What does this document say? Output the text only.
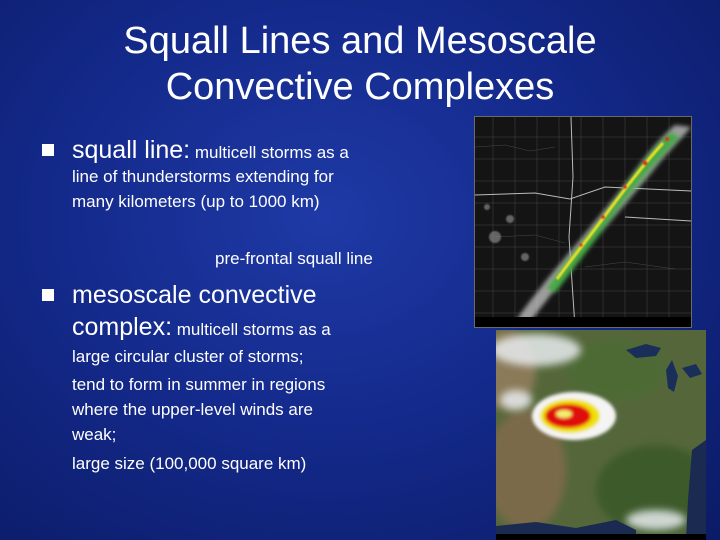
Squall Lines and Mesoscale
Convective Complexes
squall line: multicell storms as a
line of thunderstorms extending for
many kilometers (up to 1000 km)
pre-frontal squall line
mesoscale convective
complex: multicell storms as a
large circular cluster of storms;
tend to form in summer in regions
where the upper-level winds are
weak;
large size (100,000 square km)
